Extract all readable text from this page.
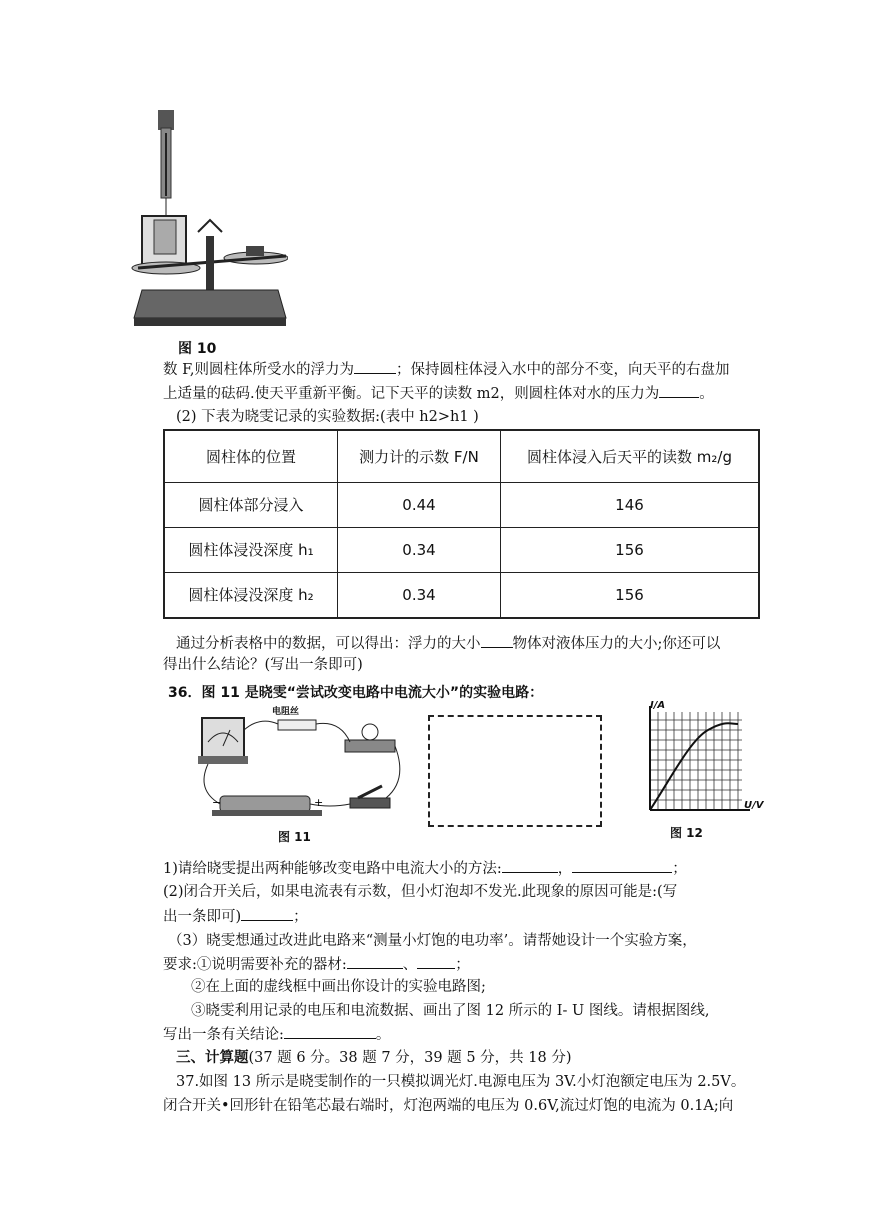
图 10
数 F,则圆柱体所受水的浮力为	；保持圆柱体浸入水中的部分不变，向天平的右盘加
上适量的砝码.使天平重新平衡。记下天平的读数 m2，则圆柱体对水的压力为	。
(2) 下表为晓雯记录的实验数据:(表中 h2>h1 )
圆柱体的位置	测力计的示数 F/N	圆柱体浸入后天平的读数 m₂/g
圆柱体部分浸入	0.44	146
圆柱体浸没深度 h₁	0.34	156
圆柱体浸没深度 h₂	0.34	156
通过分析表格中的数据，可以得出：浮力的大小 物体对液体压力的大小;你还可以
得出什么结论？(写出一条即可)
36．图 11 是晓雯“尝试改变电路中电流大小”的实验电路：
−	+
电阻丝
图 11
I/A
U/V
图 12
1)请给晓雯提出两种能够改变电路中电流大小的方法:	，	；
(2)闭合开关后，如果电流表有示数，但小灯泡却不发光.此现象的原因可能是:(写
出一条即可)	；
（3）晓雯想通过改进此电路来“测量小灯饱的电功率’。请帮她设计一个实验方案，
要求:①说明需要补充的器材:	、	；
②在上面的虚线框中画出你设计的实验电路图;
③晓雯利用记录的电压和电流数据、画出了图 12 所示的 I- U 图线。请根据图线,
写出一条有关结论:	。
三、计算题(37 题 6 分。38 题 7 分，39 题 5 分，共 18 分)
37.如图 13 所示是晓雯制作的一只模拟调光灯.电源电压为 3V.小灯泡额定电压为 2.5V。
闭合开关•回形针在铅笔芯最右端时，灯泡两端的电压为 0.6V,流过灯饱的电流为 0.1A;向
